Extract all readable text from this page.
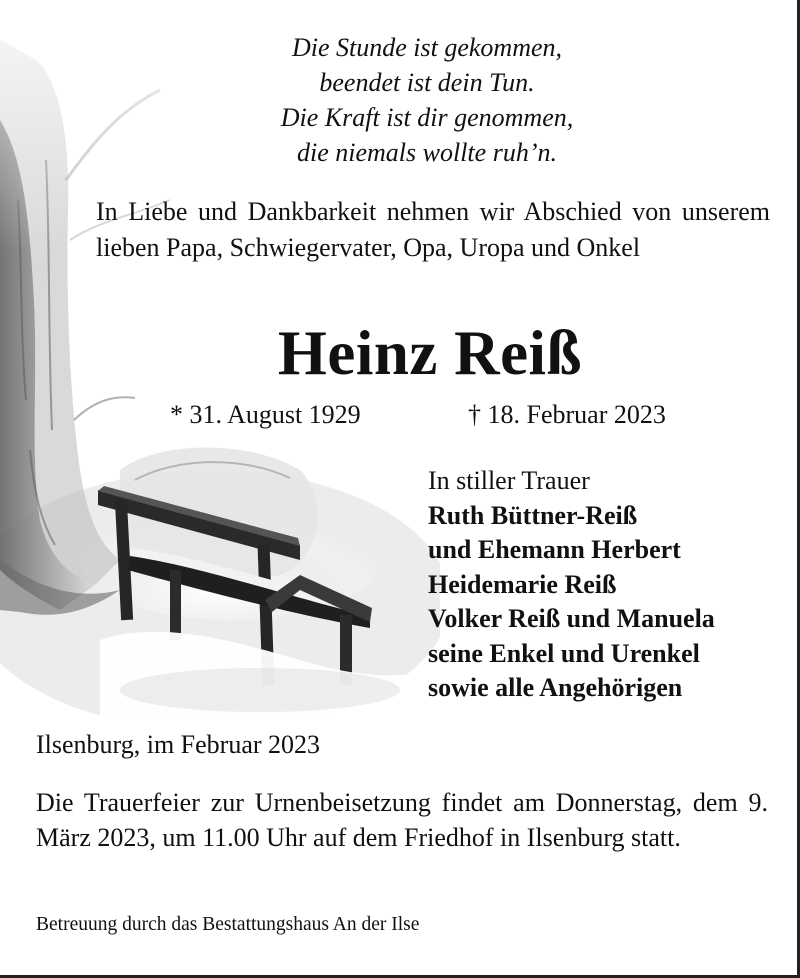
Die Stunde ist gekommen,
beendet ist dein Tun.
Die Kraft ist dir genommen,
die niemals wollte ruh’n.
In Liebe und Dankbarkeit nehmen wir Abschied von unserem lieben Papa, Schwiegervater, Opa, Uropa und Onkel
Heinz Reiß
* 31. August 1929	† 18. Februar 2023
In stiller Trauer
Ruth Büttner-Reiß
und Ehemann Herbert
Heidemarie Reiß
Volker Reiß und Manuela
seine Enkel und Urenkel
sowie alle Angehörigen
Ilsenburg, im Februar 2023
Die Trauerfeier zur Urnenbeisetzung findet am Donnerstag, dem 9. März 2023, um 11.00 Uhr auf dem Friedhof in Ilsenburg statt.
Betreuung durch das Bestattungshaus An der Ilse
